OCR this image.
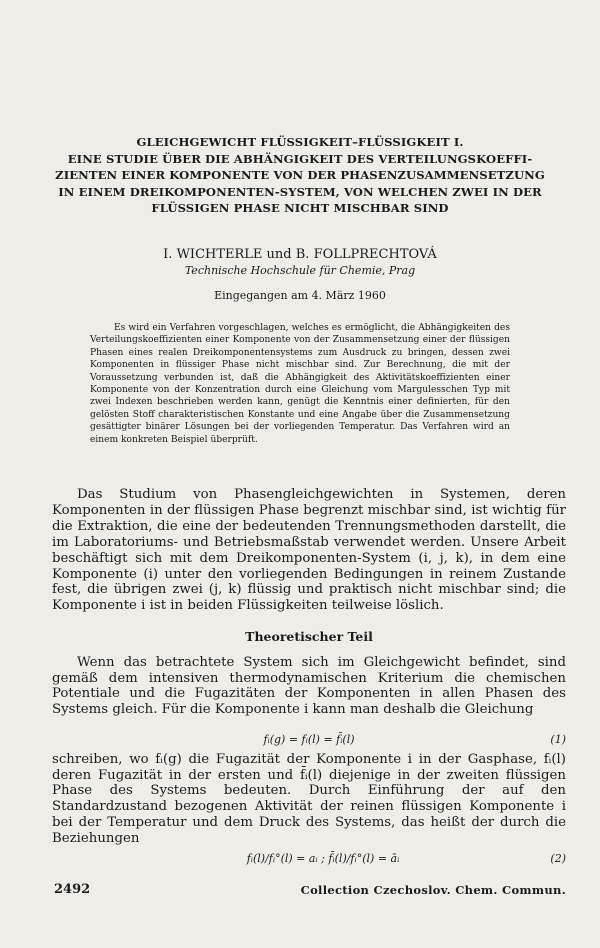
GLEICHGEWICHT FLÜSSIGKEIT–FLÜSSIGKEIT I.
EINE STUDIE ÜBER DIE ABHÄNGIGKEIT DES VERTEILUNGSKOEFFI-
ZIENTEN EINER KOMPONENTE VON DER PHASENZUSAMMENSETZUNG
IN EINEM DREIKOMPONENTEN-SYSTEM, VON WELCHEN ZWEI IN DER
FLÜSSIGEN PHASE NICHT MISCHBAR SIND
I. WICHTERLE und B. FOLLPRECHTOVÁ
Technische Hochschule für Chemie, Prag
Eingegangen am 4. März 1960
Es wird ein Verfahren vorgeschlagen, welches es ermöglicht, die Abhängigkeiten des Verteilungskoeffizienten einer Komponente von der Zusammensetzung einer der flüssigen Phasen eines realen Dreikomponentensystems zum Ausdruck zu bringen, dessen zwei Komponenten in flüssiger Phase nicht mischbar sind. Zur Berechnung, die mit der Voraussetzung verbunden ist, daß die Abhängigkeit des Aktivitätskoeffizienten einer Komponente von der Konzentration durch eine Gleichung vom Margulesschen Typ mit zwei Indexen beschrieben werden kann, genügt die Kenntnis einer definierten, für den gelösten Stoff charakteristischen Konstante und eine Angabe über die Zusammensetzung gesättigter binärer Lösungen bei der vorliegenden Temperatur. Das Verfahren wird an einem konkreten Beispiel überprüft.
Das Studium von Phasengleichgewichten in Systemen, deren Komponenten in der flüssigen Phase begrenzt mischbar sind, ist wichtig für die Extraktion, die eine der bedeutenden Trennungsmethoden darstellt, die im Laboratoriums- und Betriebsmaßstab verwendet werden. Unsere Arbeit beschäftigt sich mit dem Dreikomponenten-System (i, j, k), in dem eine Komponente (i) unter den vorliegenden Bedingungen in reinem Zustande fest, die übrigen zwei (j, k) flüssig und praktisch nicht mischbar sind; die Komponente i ist in beiden Flüssigkeiten teilweise löslich.
Theoretischer Teil
Wenn das betrachtete System sich im Gleichgewicht befindet, sind gemäß dem intensiven thermodynamischen Kriterium die chemischen Potentiale und die Fugazitäten der Komponenten in allen Phasen des Systems gleich. Für die Komponente i kann man deshalb die Gleichung
fᵢ(g) = fᵢ(l) = f̄ᵢ(l)	(1)
schreiben, wo fᵢ(g) die Fugazität der Komponente i in der Gasphase, fᵢ(l) deren Fugazität in der ersten und f̄ᵢ(l) diejenige in der zweiten flüssigen Phase des Systems bedeuten. Durch Einführung der auf den Standardzustand bezogenen Aktivität der reinen flüssigen Komponente i bei der Temperatur und dem Druck des Systems, das heißt der durch die Beziehungen
fᵢ(l)/fᵢ°(l) = aᵢ ; f̄ᵢ(l)/fᵢ°(l) = āᵢ	(2)
2492	Collection Czechoslov. Chem. Commun.
